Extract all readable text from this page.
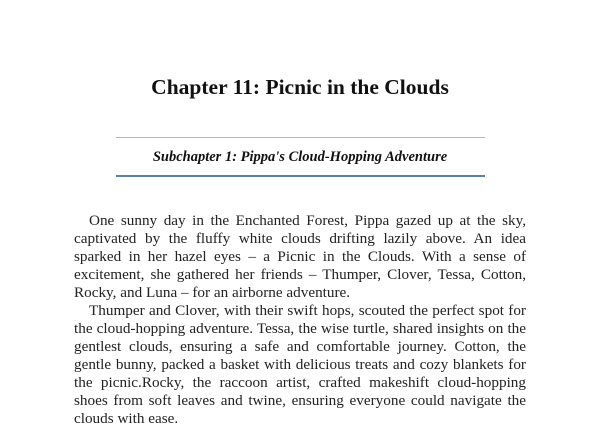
Chapter 11: Picnic in the Clouds
Subchapter 1: Pippa's Cloud-Hopping Adventure

One sunny day in the Enchanted Forest, Pippa gazed up at the sky, captivated by the fluffy white clouds drifting lazily above. An idea sparked in her hazel eyes – a Picnic in the Clouds. With a sense of excitement, she gathered her friends – Thumper, Clover, Tessa, Cotton, Rocky, and Luna – for an airborne adventure.

Thumper and Clover, with their swift hops, scouted the perfect spot for the cloud-hopping adventure. Tessa, the wise turtle, shared insights on the gentlest clouds, ensuring a safe and comfortable journey. Cotton, the gentle bunny, packed a basket with delicious treats and cozy blankets for the picnic.Rocky, the raccoon artist, crafted makeshift cloud-hopping shoes from soft leaves and twine, ensuring everyone could navigate the clouds with ease.
